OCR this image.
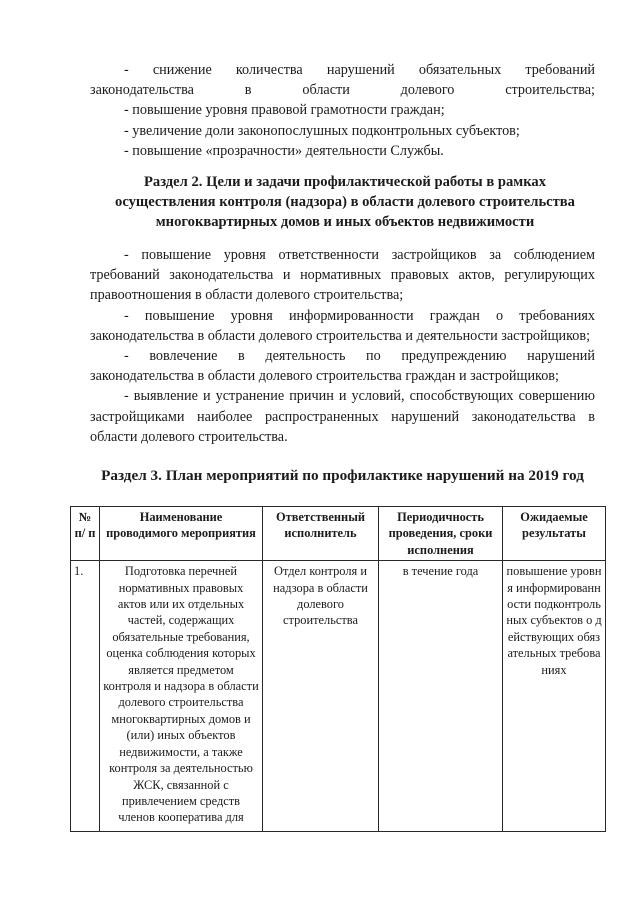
- снижение количества нарушений обязательных требований законодательства в области долевого строительства;

- повышение уровня правовой грамотности граждан;

- увеличение доли законопослушных подконтрольных субъектов;

- повышение «прозрачности» деятельности Службы.

Раздел 2. Цели и задачи профилактической работы в рамках осуществления контроля (надзора) в области долевого строительства многоквартирных домов и иных объектов недвижимости

- повышение уровня ответственности застройщиков за соблюдением требований законодательства и нормативных правовых актов, регулирующих правоотношения в области долевого строительства;

- повышение уровня информированности граждан о требованиях законодательства в области долевого строительства и деятельности застройщиков;

- вовлечение в деятельность по предупреждению нарушений законодательства в области долевого строительства граждан и застройщиков;

- выявление и устранение причин и условий, способствующих совершению застройщиками наиболее распространенных нарушений законодательства в области долевого строительства.

Раздел 3. План мероприятий по профилактике нарушений на 2019 год
№ п/ п	Наименование проводимого мероприятия	Ответственный исполнитель	Периодичность проведения, сроки исполнения	Ожидаемые результаты
1.	Подготовка перечней нормативных правовых актов или их отдельных частей, содержащих обязательные требования, оценка соблюдения которых является предметом контроля и надзора в области долевого строительства многоквартирных домов и (или) иных объектов недвижимости, а также контроля за деятельностью ЖСК, связанной с привлечением средств членов кооператива для	Отдел контроля и надзора в области долевого строительства	в течение года	повышение уровня информированности подконтрольных субъектов о действующих обязательных требованиях
